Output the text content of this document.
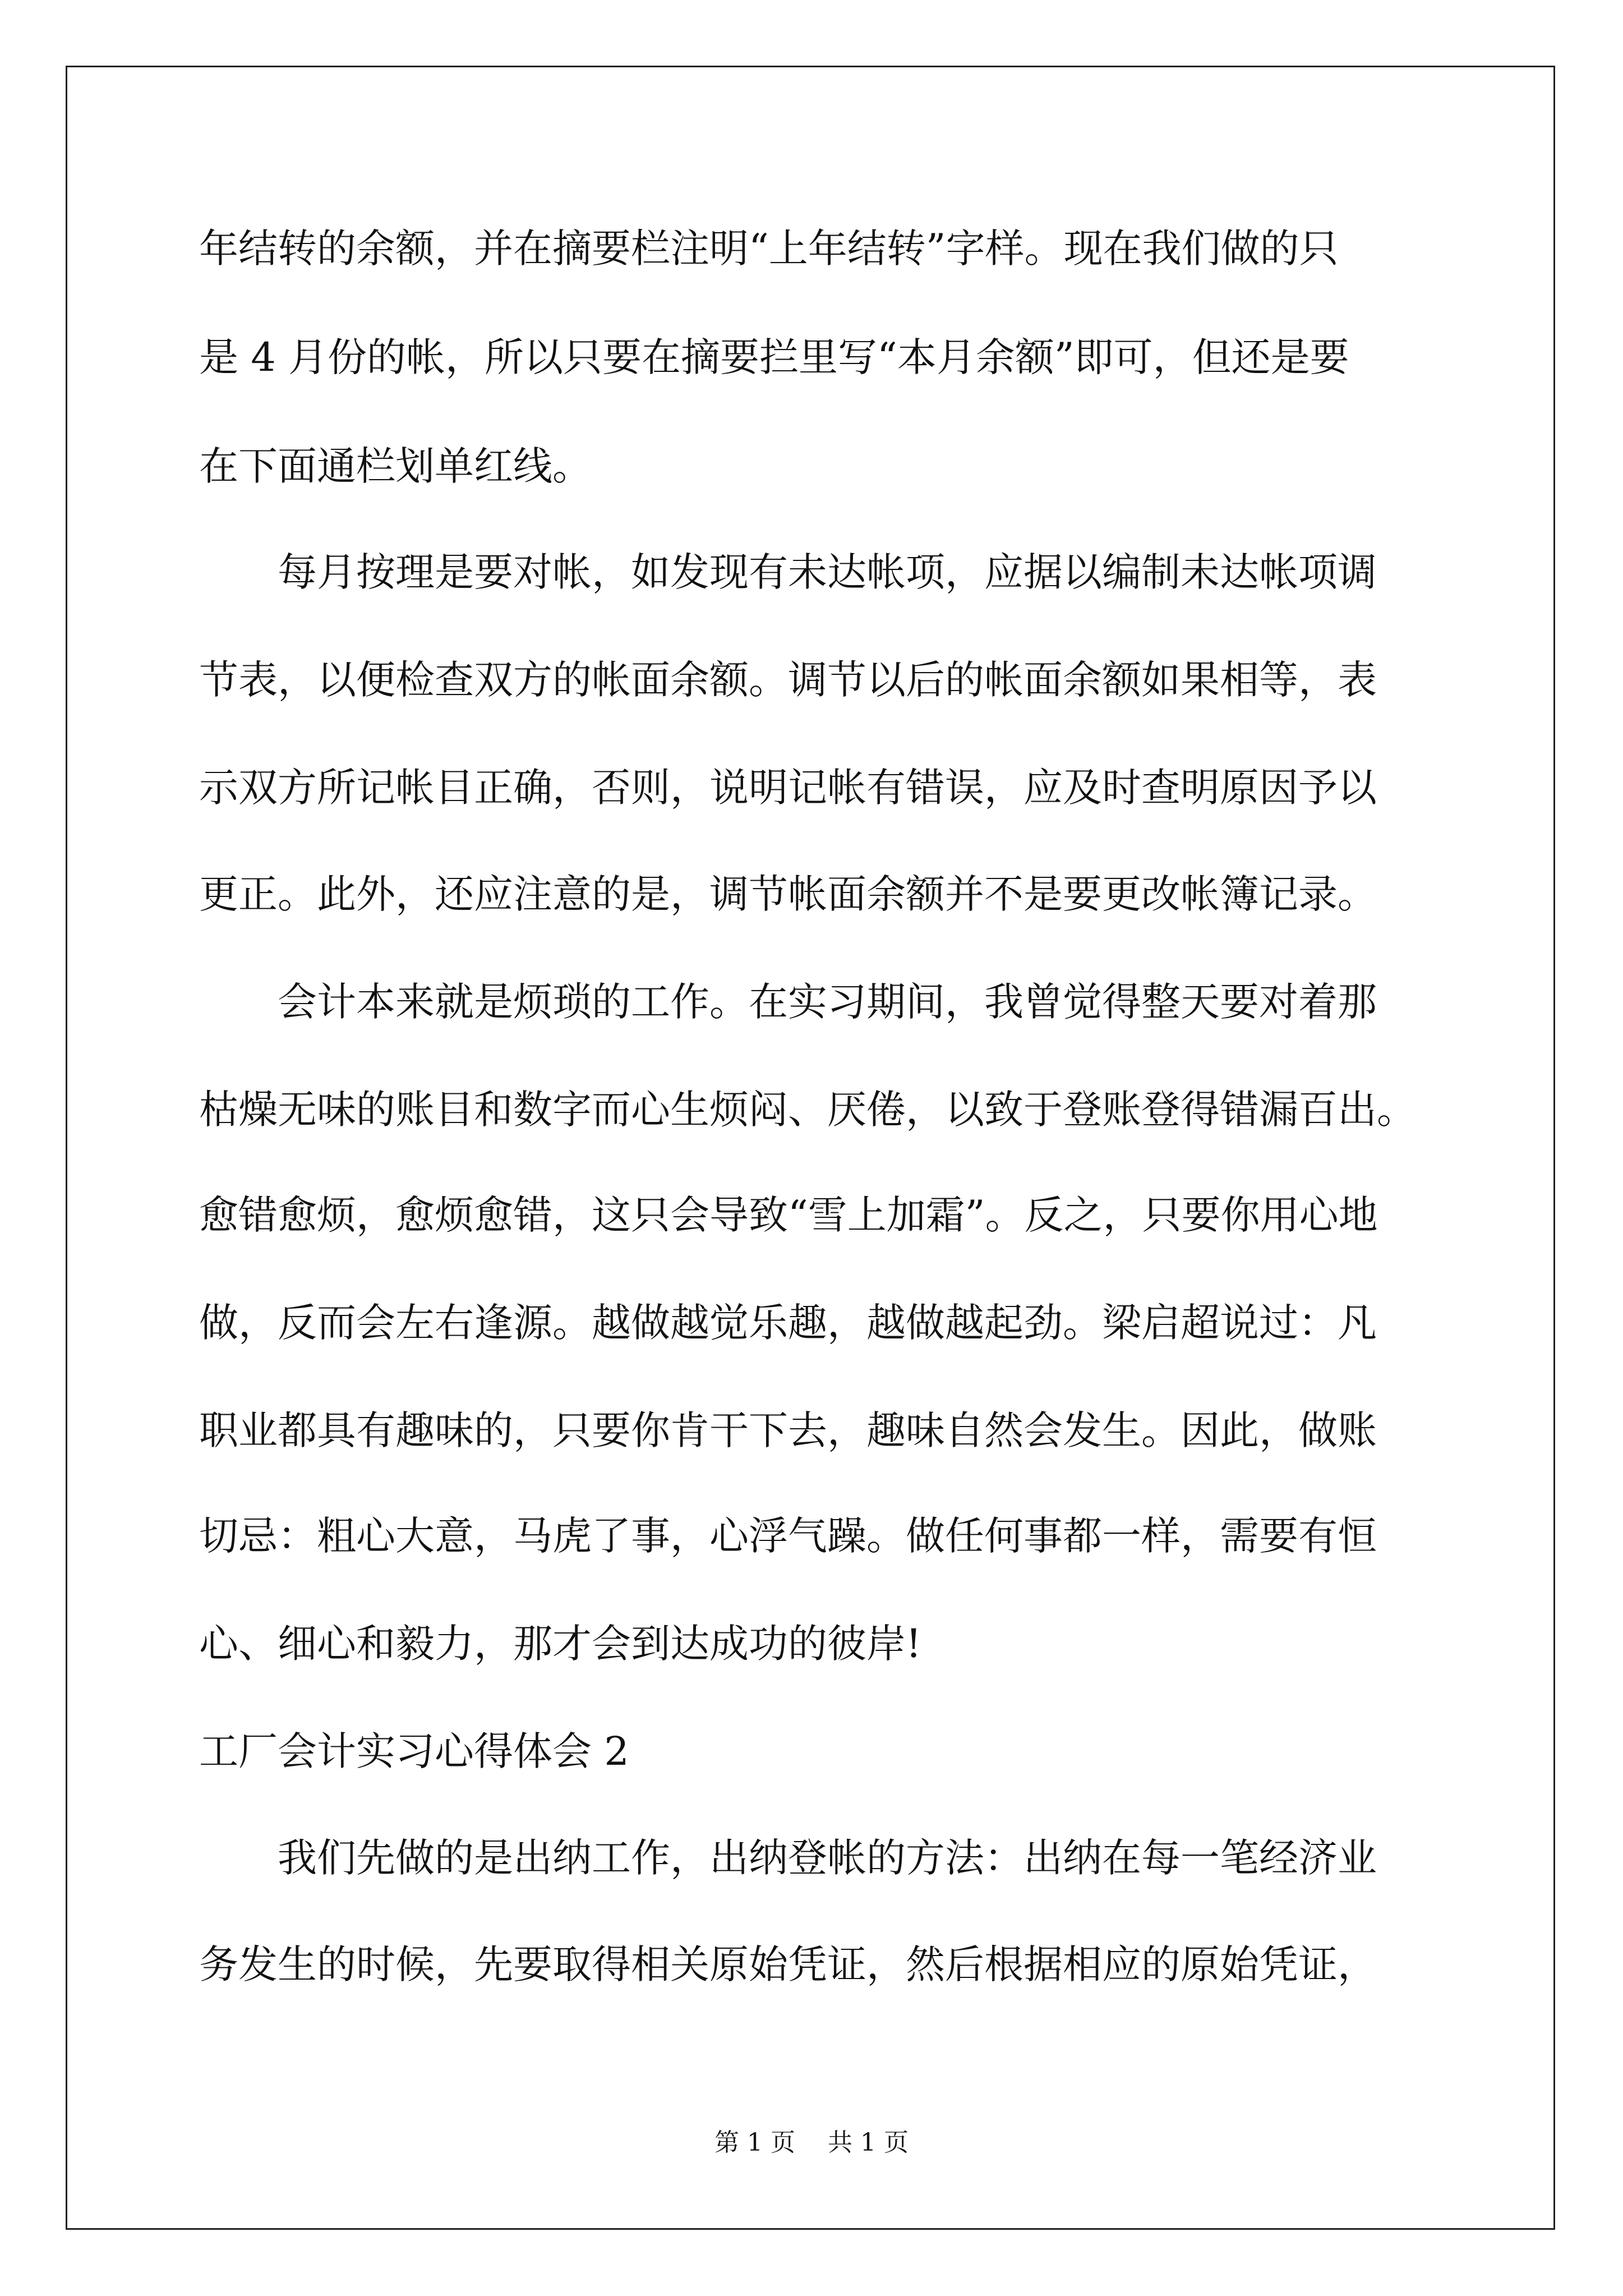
年结转的余额，并在摘要栏注明“上年结转”字样。现在我们做的只

是 4 月份的帐，所以只要在摘要拦里写“本月余额”即可，但还是要

在下面通栏划单红线。

　　每月按理是要对帐，如发现有未达帐项，应据以编制未达帐项调

节表，以便检查双方的帐面余额。调节以后的帐面余额如果相等，表

示双方所记帐目正确，否则，说明记帐有错误，应及时查明原因予以

更正。此外，还应注意的是，调节帐面余额并不是要更改帐簿记录。

　　会计本来就是烦琐的工作。在实习期间，我曾觉得整天要对着那

枯燥无味的账目和数字而心生烦闷、厌倦，以致于登账登得错漏百出。

愈错愈烦，愈烦愈错，这只会导致“雪上加霜”。反之，只要你用心地

做，反而会左右逢源。越做越觉乐趣，越做越起劲。梁启超说过：凡

职业都具有趣味的，只要你肯干下去，趣味自然会发生。因此，做账

切忌：粗心大意，马虎了事，心浮气躁。做任何事都一样，需要有恒

心、细心和毅力，那才会到达成功的彼岸!

工厂会计实习心得体会 2

　　我们先做的是出纳工作，出纳登帐的方法：出纳在每一笔经济业

务发生的时候，先要取得相关原始凭证，然后根据相应的原始凭证，

第 1 页　 共 1 页
